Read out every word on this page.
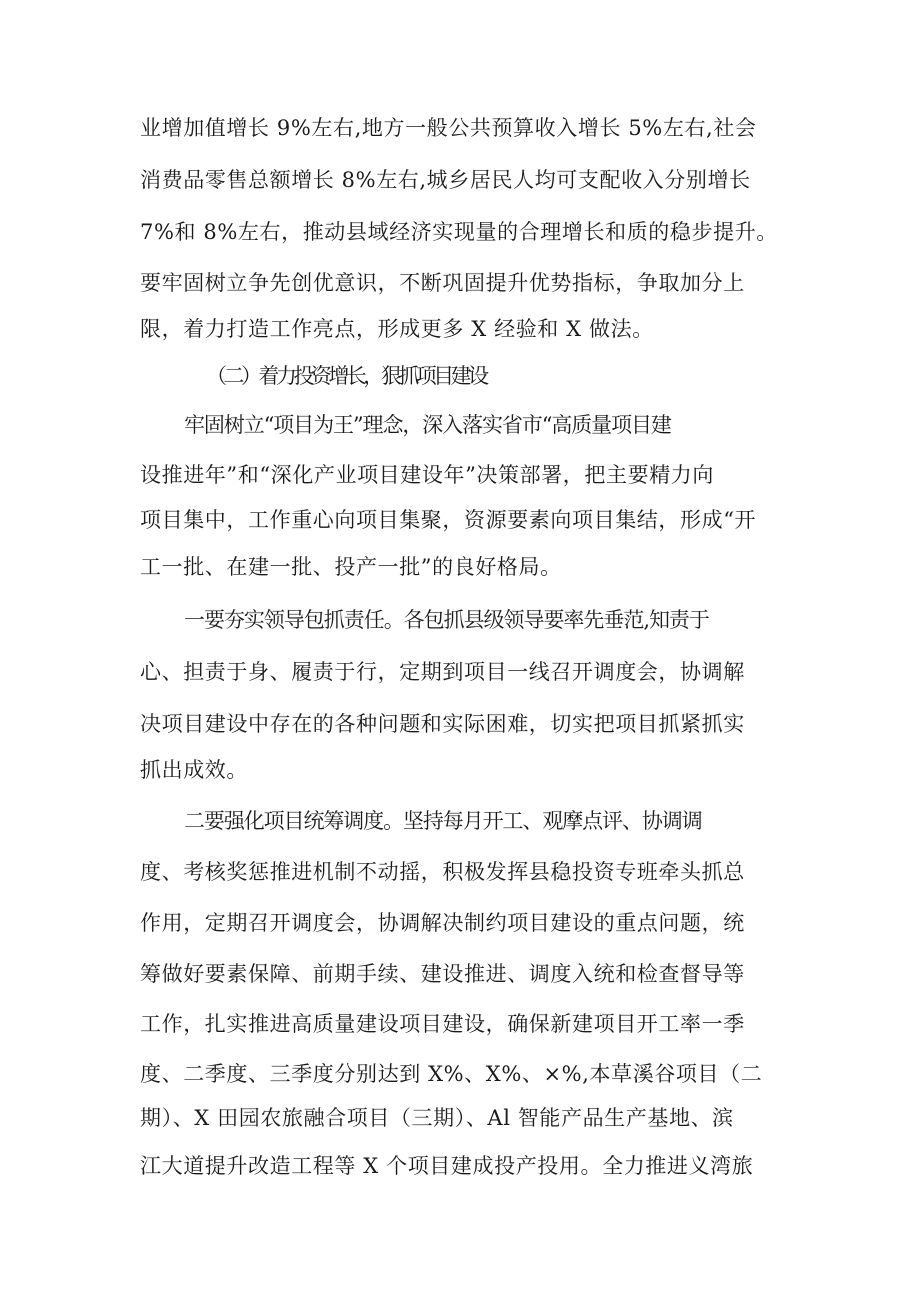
业增加值增长 9%左右,地方一般公共预算收入增长 5%左右,社会
消费品零售总额增长 8%左右,城乡居民人均可支配收入分别增长
7%和 8%左右，推动县域经济实现量的合理增长和质的稳步提升。
要牢固树立争先创优意识，不断巩固提升优势指标，争取加分上
限，着力打造工作亮点，形成更多 X 经验和 X 做法。
（二）着力投资增长，狠抓项目建设
牢固树立“项目为王”理念，深入落实省市“高质量项目建
设推进年”和“深化产业项目建设年”决策部署，把主要精力向
项目集中，工作重心向项目集聚，资源要素向项目集结，形成“开
工一批、在建一批、投产一批”的良好格局。
一要夯实领导包抓责任。各包抓县级领导要率先垂范,知责于
心、担责于身、履责于行，定期到项目一线召开调度会，协调解
决项目建设中存在的各种问题和实际困难，切实把项目抓紧抓实
抓出成效。
二要强化项目统筹调度。坚持每月开工、观摩点评、协调调
度、考核奖惩推进机制不动摇，积极发挥县稳投资专班牵头抓总
作用，定期召开调度会，协调解决制约项目建设的重点问题，统
筹做好要素保障、前期手续、建设推进、调度入统和检查督导等
工作，扎实推进高质量建设项目建设，确保新建项目开工率一季
度、二季度、三季度分别达到 X%、X%、×%,本草溪谷项目（二
期）、X 田园农旅融合项目（三期）、Al 智能产品生产基地、滨
江大道提升改造工程等 X 个项目建成投产投用。全力推进义湾旅
